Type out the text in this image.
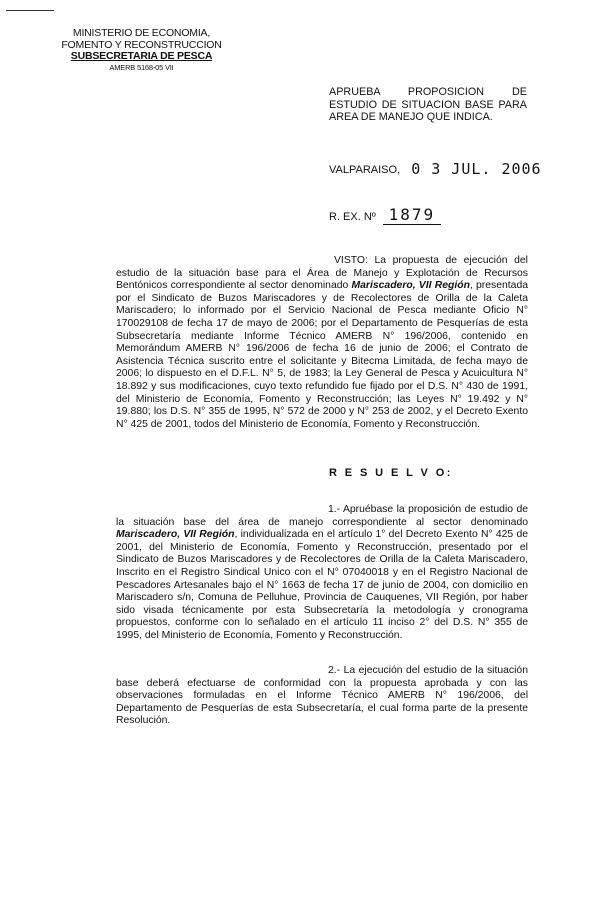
MINISTERIO DE ECONOMIA,
FOMENTO Y RECONSTRUCCION
SUBSECRETARIA DE PESCA
AMERB 5168-05 VII
APRUEBA PROPOSICION DE
ESTUDIO DE SITUACION BASE PARA
AREA DE MANEJO QUE INDICA.
VALPARAISO, 0 3 JUL. 2006
R. EX. Nº 1879

VISTO: La propuesta de ejecución del estudio de la situación base para el Área de Manejo y Explotación de Recursos Bentónicos correspondiente al sector denominado Mariscadero, VII Región, presentada por el Sindicato de Buzos Mariscadores y de Recolectores de Orilla de la Caleta Mariscadero; lo informado por el Servicio Nacional de Pesca mediante Oficio N° 170029108 de fecha 17 de mayo de 2006; por el Departamento de Pesquerías de esta Subsecretaría mediante Informe Técnico AMERB N° 196/2006, contenido en Memorándum AMERB N° 196/2006 de fecha 16 de junio de 2006; el Contrato de Asistencia Técnica suscrito entre el solicitante y Bitecma Limitada, de fecha mayo de 2006; lo dispuesto en el D.F.L. N° 5, de 1983; la Ley General de Pesca y Acuicultura N° 18.892 y sus modificaciones, cuyo texto refundido fue fijado por el D.S. N° 430 de 1991, del Ministerio de Economía, Fomento y Reconstrucción; las Leyes N° 19.492 y N° 19.880; los D.S. N° 355 de 1995, N° 572 de 2000 y N° 253 de 2002, y el Decreto Exento N° 425 de 2001, todos del Ministerio de Economía, Fomento y Reconstrucción.

R E S U E L V O:

1.- Apruébase la proposición de estudio de la situación base del área de manejo correspondiente al sector denominado Mariscadero, VII Región, individualizada en el artículo 1° del Decreto Exento N° 425 de 2001, del Ministerio de Economía, Fomento y Reconstrucción, presentado por el Sindicato de Buzos Mariscadores y de Recolectores de Orilla de la Caleta Mariscadero, Inscrito en el Registro Sindical Unico con el N° 07040018 y en el Registro Nacional de Pescadores Artesanales bajo el N° 1663 de fecha 17 de junio de 2004, con domicilio en Mariscadero s/n, Comuna de Pelluhue, Provincia de Cauquenes, VII Región, por haber sido visada técnicamente por esta Subsecretaría la metodología y cronograma propuestos, conforme con lo señalado en el artículo 11 inciso 2° del D.S. N° 355 de 1995, del Ministerio de Economía, Fomento y Reconstrucción.

2.- La ejecución del estudio de la situación base deberá efectuarse de conformidad con la propuesta aprobada y con las observaciones formuladas en el Informe Técnico AMERB N° 196/2006, del Departamento de Pesquerías de esta Subsecretaría, el cual forma parte de la presente Resolución.
